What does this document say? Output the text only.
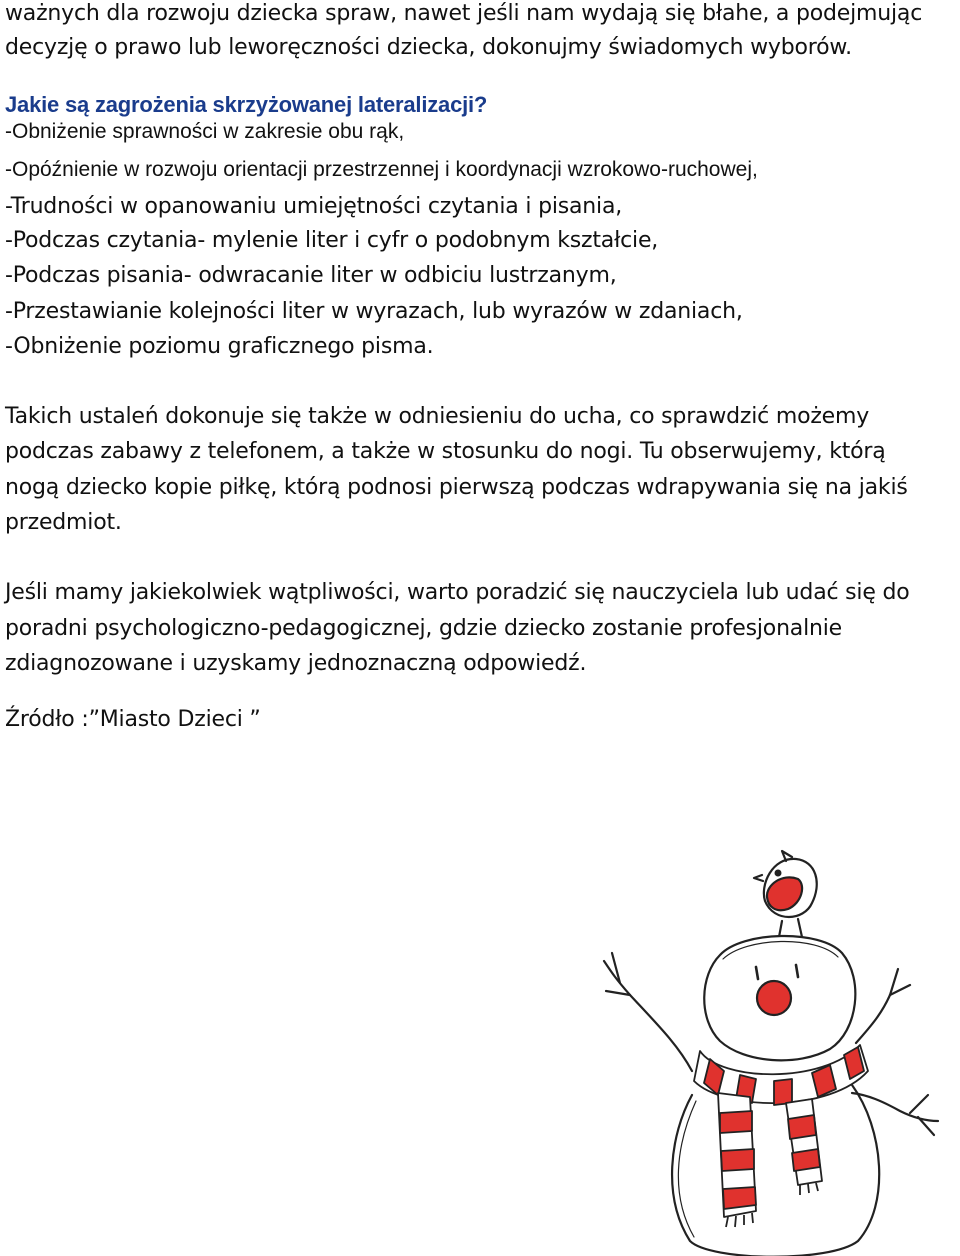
ważnych dla rozwoju dziecka spraw, nawet jeśli nam wydają się błahe, a podejmując
decyzję o prawo lub leworęczności dziecka, dokonujmy świadomych wyborów.
Jakie są zagrożenia skrzyżowanej lateralizacji?
-Obniżenie sprawności w zakresie obu rąk,
-Opóźnienie w rozwoju orientacji przestrzennej i koordynacji wzrokowo-ruchowej,
-Trudności w opanowaniu umiejętności czytania i pisania,
-Podczas czytania- mylenie liter i cyfr o podobnym kształcie,
-Podczas pisania- odwracanie liter w odbiciu lustrzanym,
-Przestawianie kolejności liter w wyrazach, lub wyrazów w zdaniach,
-Obniżenie poziomu graficznego pisma.
Takich ustaleń dokonuje się także w odniesieniu do ucha, co sprawdzić możemy
podczas zabawy z telefonem, a także w stosunku do nogi. Tu obserwujemy, którą
nogą dziecko kopie piłkę, którą podnosi pierwszą podczas wdrapywania się na jakiś
przedmiot.
Jeśli mamy jakiekolwiek wątpliwości, warto poradzić się nauczyciela lub udać się do
poradni psychologiczno-pedagogicznej, gdzie dziecko zostanie profesjonalnie
zdiagnozowane i uzyskamy jednoznaczną odpowiedź.
Źródło :”Miasto Dzieci ”
